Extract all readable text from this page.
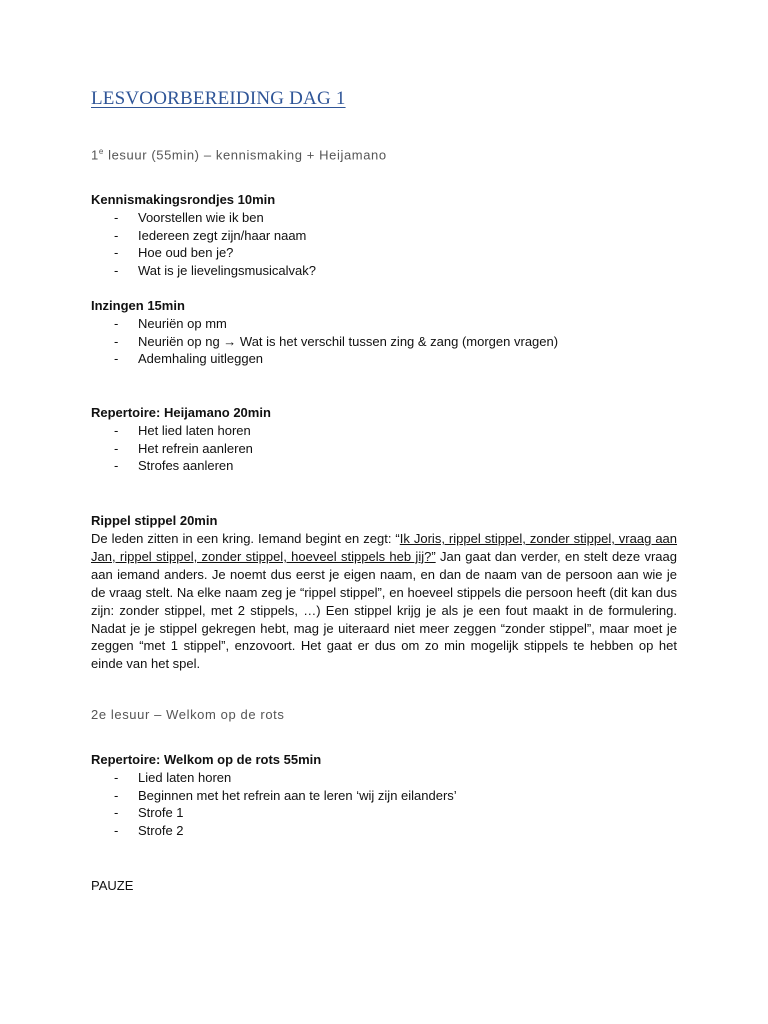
LESVOORBEREIDING DAG 1
1e lesuur (55min) – kennismaking + Heijamano
Kennismakingsrondjes 10min
- Voorstellen wie ik ben
- Iedereen zegt zijn/haar naam
- Hoe oud ben je?
- Wat is je lievelingsmusicalvak?
Inzingen 15min
- Neuriën op mm
- Neuriën op ng → Wat is het verschil tussen zing & zang (morgen vragen)
- Ademhaling uitleggen
Repertoire: Heijamano 20min
- Het lied laten horen
- Het refrein aanleren
- Strofes aanleren
Rippel stippel 20min

De leden zitten in een kring. Iemand begint en zegt: “Ik Joris, rippel stippel, zonder stippel, vraag aan Jan, rippel stippel, zonder stippel, hoeveel stippels heb jij?” Jan gaat dan verder, en stelt deze vraag aan iemand anders. Je noemt dus eerst je eigen naam, en dan de naam van de persoon aan wie je de vraag stelt. Na elke naam zeg je “rippel stippel”, en hoeveel stippels die persoon heeft (dit kan dus zijn: zonder stippel, met 2 stippels, …) Een stippel krijg je als je een fout maakt in de formulering. Nadat je je stippel gekregen hebt, mag je uiteraard niet meer zeggen “zonder stippel”, maar moet je zeggen “met 1 stippel”, enzovoort. Het gaat er dus om zo min mogelijk stippels te hebben op het einde van het spel.

2e lesuur – Welkom op de rots
Repertoire: Welkom op de rots 55min
- Lied laten horen
- Beginnen met het refrein aan te leren ‘wij zijn eilanders’
- Strofe 1
- Strofe 2
PAUZE
